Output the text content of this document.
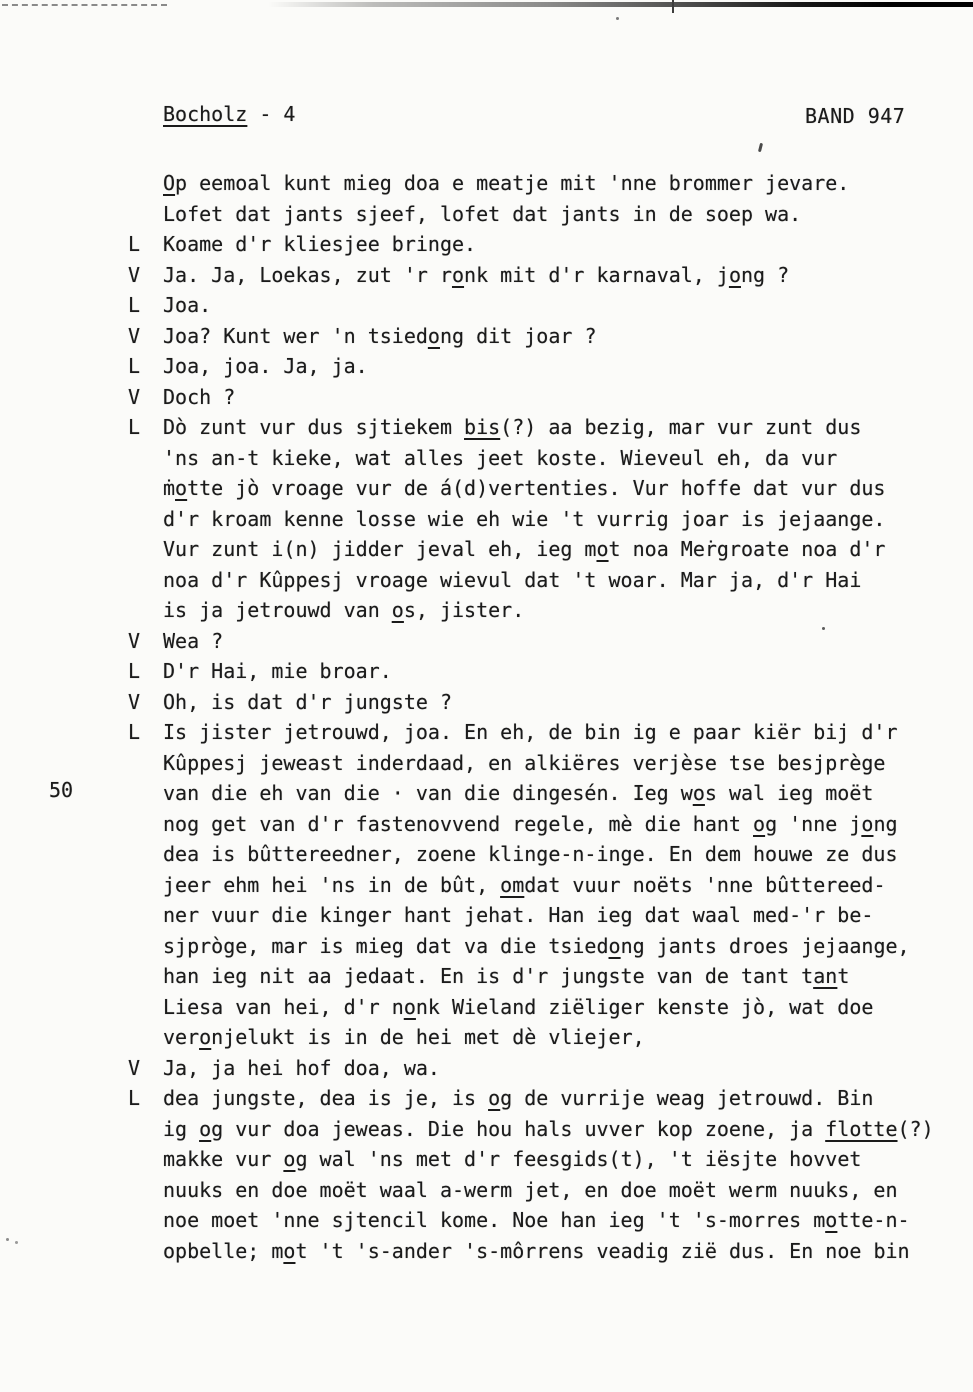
Bocholz - 4	BAND 947
50
Op eemoal kunt mieg doa e meatje mit 'nne brommer jevare.
Lofet dat jants sjeef, lofet dat jants in de soep wa.
L	Koame d'r kliesjee bringe.
V	Ja. Ja, Loekas, zut 'r ronk mit d'r karnaval, jong ?
L	Joa.
V	Joa? Kunt wer 'n tsiedong dit joar ?
L	Joa, joa. Ja, ja.
V	Doch ?
L	Dò zunt vur dus sjtiekem bis(?) aa bezig, mar vur zunt dus
'ns an-t kieke, wat alles jeet koste. Wieveul eh, da vur
ṁotte jò vroage vur de á(d)vertenties. Vur hoffe dat vur dus
d'r kroam kenne losse wie eh wie 't vurrig joar is jejaange.
Vur zunt i(n) jidder jeval eh, ieg mot noa Meṙgroate noa d'r
noa d'r Kûppesj vroage wievul dat 't woar. Mar ja, d'r Hai
is ja jetrouwd van os, jister.
V	Wea ?
L	D'r Hai, mie broar.
V	Oh, is dat d'r jungste ?
L	Is jister jetrouwd, joa. En eh, de bin ig e paar kiër bij d'r
Kûppesj jeweast inderdaad, en alkiëres verjèse tse besjprège
van die eh van die · van die dingesén. Ieg wos wal ieg moët
nog get van d'r fastenovvend regele, mè die hant og 'nne jong
dea is bûttereedner, zoene klinge-n-inge. En dem houwe ze dus
jeer ehm hei 'ns in de bût, omdat vuur noëts 'nne bûttereed-
ner vuur die kinger hant jehat. Han ieg dat waal med-'r be-
sjpròge, mar is mieg dat va die tsiedong jants droes jejaange,
han ieg nit aa jedaat. En is d'r jungste van de tant tant
Liesa van hei, d'r nonk Wieland ziëliger kenste jò, wat doe
veronjelukt is in de hei met dè vliejer,
V	Ja, ja hei hof doa, wa.
L	dea jungste, dea is je, is og de vurrije weag jetrouwd. Bin
ig og vur doa jeweas. Die hou hals uvver kop zoene, ja flotte(?)
makke vur og wal 'ns met d'r feesgids(t), 't iësjte hovvet
nuuks en doe moët waal a-werm jet, en doe moët werm nuuks, en
noe moet 'nne sjtencil kome. Noe han ieg 't 's-morres motte-n-
opbelle; mot 't 's-ander 's-môrrens veadig zië dus. En noe bin
